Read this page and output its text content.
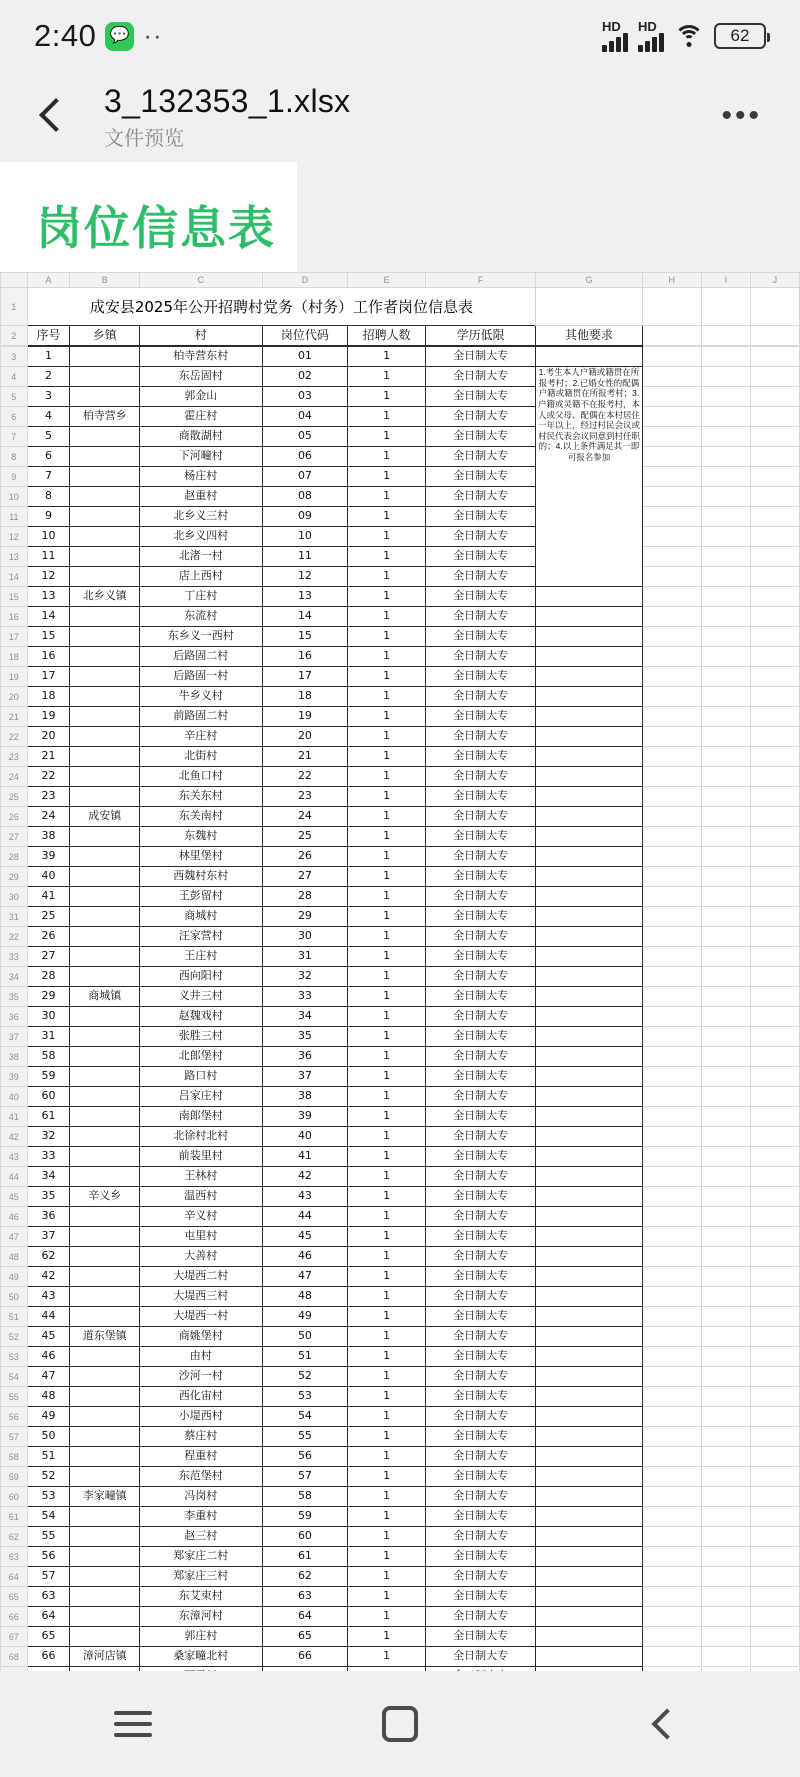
2:40 💬 ··	HD HD	62
3_132353_1.xlsx
文件预览
•••
岗位信息表
	A	B	C	D	E	F	G	H	I	J
1	成安县2025年公开招聘村党务（村务）工作者岗位信息表									
2	序号	乡镇	村	岗位代码	招聘人数	学历低限	其他要求			
3	1		柏寺营东村	01	1	全日制大专				
4	2		东岳固村	02	1	全日制大专	1.考生本人户籍或籍贯在所报考村；2.已婚女性的配偶户籍或籍贯在所报考村；3.户籍或灵籍不在报考村，本人或父母、配偶在本村居住一年以上，经过村民会议或村民代表会议同意到村任职的；4.以上条件满足其一即可报名参加			
5	3		郭金山	03	1	全日制大专				
6	4	柏寺营乡	霍庄村	04	1	全日制大专				
7	5		商散湖村	05	1	全日制大专				
8	6		下河疃村	06	1	全日制大专				
9	7		杨庄村	07	1	全日制大专				
10	8		赵重村	08	1	全日制大专				
11	9		北乡义三村	09	1	全日制大专				
12	10		北乡义四村	10	1	全日制大专				
13	11		北渚一村	11	1	全日制大专				
14	12		店上西村	12	1	全日制大专				
15	13	北乡义镇	丁庄村	13	1	全日制大专				
16	14		东流村	14	1	全日制大专				
17	15		东乡义一西村	15	1	全日制大专				
18	16		后路固二村	16	1	全日制大专				
19	17		后路固一村	17	1	全日制大专				
20	18		牛乡义村	18	1	全日制大专				
21	19		前路固二村	19	1	全日制大专				
22	20		辛庄村	20	1	全日制大专				
23	21		北街村	21	1	全日制大专				
24	22		北鱼口村	22	1	全日制大专				
25	23		东关东村	23	1	全日制大专				
26	24	成安镇	东关南村	24	1	全日制大专				
27	38		东魏村	25	1	全日制大专				
28	39		林里堡村	26	1	全日制大专				
29	40		西魏村东村	27	1	全日制大专				
30	41		王彭留村	28	1	全日制大专				
31	25		商城村	29	1	全日制大专				
32	26		汪家营村	30	1	全日制大专				
33	27		王庄村	31	1	全日制大专				
34	28		西向阳村	32	1	全日制大专				
35	29	商城镇	义井三村	33	1	全日制大专				
36	30		赵魏戏村	34	1	全日制大专				
37	31		张胜三村	35	1	全日制大专				
38	58		北郎堡村	36	1	全日制大专				
39	59		路口村	37	1	全日制大专				
40	60		吕家庄村	38	1	全日制大专				
41	61		南郎堡村	39	1	全日制大专				
42	32		北徐村北村	40	1	全日制大专				
43	33		前装里村	41	1	全日制大专				
44	34		王林村	42	1	全日制大专				
45	35	辛义乡	温西村	43	1	全日制大专				
46	36		辛义村	44	1	全日制大专				
47	37		屯里村	45	1	全日制大专				
48	62		大善村	46	1	全日制大专				
49	42		大堤西二村	47	1	全日制大专				
50	43		大堤西三村	48	1	全日制大专				
51	44		大堤西一村	49	1	全日制大专				
52	45	道东堡镇	商姚堡村	50	1	全日制大专				
53	46		由村	51	1	全日制大专				
54	47		沙河一村	52	1	全日制大专				
55	48		西化宙村	53	1	全日制大专				
56	49		小堤西村	54	1	全日制大专				
57	50		蔡庄村	55	1	全日制大专				
58	51		程重村	56	1	全日制大专				
59	52		东范堡村	57	1	全日制大专				
60	53	李家疃镇	冯岗村	58	1	全日制大专				
61	54		李重村	59	1	全日制大专				
62	55		赵三村	60	1	全日制大专				
63	56		郑家庄二村	61	1	全日制大专				
64	57		郑家庄三村	62	1	全日制大专				
65	63		东艾束村	63	1	全日制大专				
66	64		东漳河村	64	1	全日制大专				
67	65		郭庄村	65	1	全日制大专				
68	66	漳河店镇	桑家疃北村	66	1	全日制大专				
